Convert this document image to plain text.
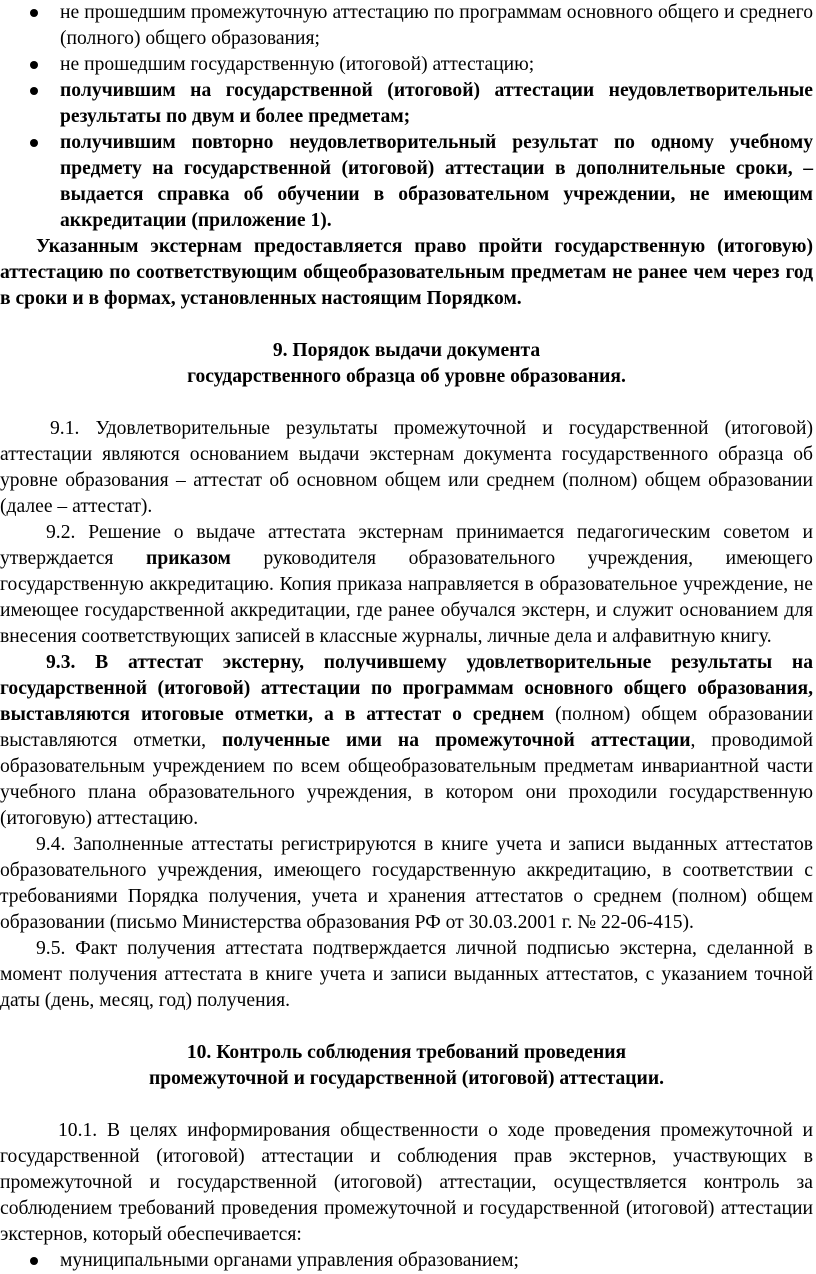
не прошедшим промежуточную аттестацию по программам основного общего и среднего (полного) общего образования;
не прошедшим государственную (итоговой) аттестацию;
получившим на государственной (итоговой) аттестации неудовлетворительные результаты по двум и более предметам;
получившим повторно неудовлетворительный результат по одному учебному предмету на государственной (итоговой) аттестации в дополнительные сроки, – выдается справка об обучении в образовательном учреждении, не имеющим аккредитации (приложение 1).

Указанным экстернам предоставляется право пройти государственную (итоговую) аттестацию по соответствующим общеобразовательным предметам не ранее чем через год в сроки и в формах, установленных настоящим Порядком.

9. Порядок выдачи документа

государственного образца об уровне образования.

9.1. Удовлетворительные результаты промежуточной и государственной (итоговой) аттестации являются основанием выдачи экстернам документа государственного образца об уровне образования – аттестат об основном общем или среднем (полном) общем образовании (далее – аттестат).

9.2. Решение о выдаче аттестата экстернам принимается педагогическим советом и утверждается приказом руководителя образовательного учреждения, имеющего государственную аккредитацию. Копия приказа направляется в образовательное учреждение, не имеющее государственной аккредитации, где ранее обучался экстерн, и служит основанием для внесения соответствующих записей в классные журналы, личные дела и алфавитную книгу.

9.3. В аттестат экстерну, получившему удовлетворительные результаты на государственной (итоговой) аттестации по программам основного общего образования, выставляются итоговые отметки, а в аттестат о среднем (полном) общем образовании выставляются отметки, полученные ими на промежуточной аттестации, проводимой образовательным учреждением по всем общеобразовательным предметам инвариантной части учебного плана образовательного учреждения, в котором они проходили государственную (итоговую) аттестацию.

9.4. Заполненные аттестаты регистрируются в книге учета и записи выданных аттестатов образовательного учреждения, имеющего государственную аккредитацию, в соответствии с требованиями Порядка получения, учета и хранения аттестатов о среднем (полном) общем образовании (письмо Министерства образования РФ от 30.03.2001 г. № 22-06-415).

9.5. Факт получения аттестата подтверждается личной подписью экстерна, сделанной в момент получения аттестата в книге учета и записи выданных аттестатов, с указанием точной даты (день, месяц, год) получения.

10. Контроль соблюдения требований проведения

промежуточной и государственной (итоговой) аттестации.

10.1. В целях информирования общественности о ходе проведения промежуточной и государственной (итоговой) аттестации и соблюдения прав экстернов, участвующих в промежуточной и государственной (итоговой) аттестации, осуществляется контроль за соблюдением требований проведения промежуточной и государственной (итоговой) аттестации экстернов, который обеспечивается:

муниципальными органами управления образованием;
